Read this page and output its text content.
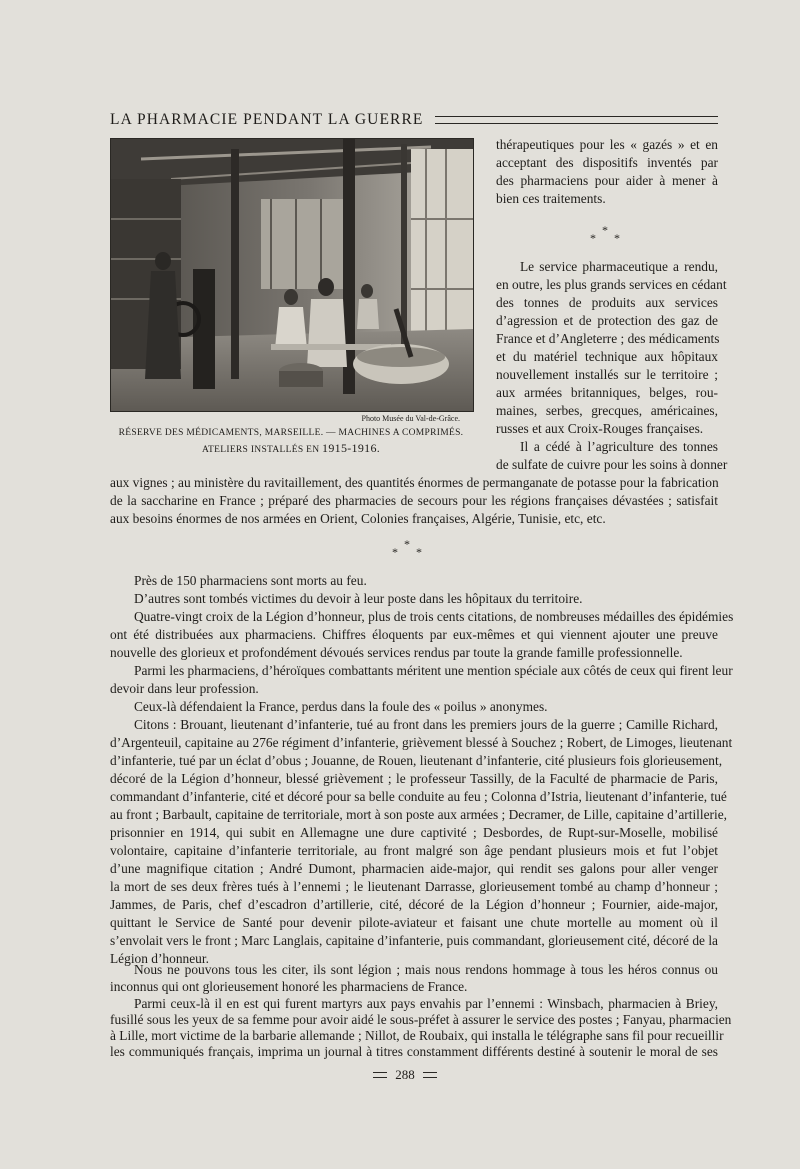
LA PHARMACIE PENDANT LA GUERRE
Photo Musée du Val-de-Grâce.
RÉSERVE DES MÉDICAMENTS, MARSEILLE. — MACHINES A COMPRIMÉS.
ATELIERS INSTALLÉS EN 1915-1916.
thérapeutiques pour les « gazés » et en
acceptant des dispositifs inventés par
des pharmaciens pour aider à mener à
bien ces traitements.
*
* *
Le service pharmaceutique a rendu,
en outre, les plus grands services en cédant
des tonnes de produits aux services
d’agression et de protection des gaz de
France et d’Angleterre ; des médicaments
et du matériel technique aux hôpitaux
nouvellement installés sur le territoire ;
aux armées britanniques, belges, rou-
maines, serbes, grecques, américaines,
russes et aux Croix-Rouges françaises.
Il a cédé à l’agriculture des tonnes
de sulfate de cuivre pour les soins à donner
aux vignes ; au ministère du ravitaillement, des quantités énormes de permanganate de potasse pour la fabrication
de la saccharine en France ; préparé des pharmacies de secours pour les régions françaises dévastées ; satisfait
aux besoins énormes de nos armées en Orient, Colonies françaises, Algérie, Tunisie, etc, etc.
*
* *
Près de 150 pharmaciens sont morts au feu.
D’autres sont tombés victimes du devoir à leur poste dans les hôpitaux du territoire.
Quatre-vingt croix de la Légion d’honneur, plus de trois cents citations, de nombreuses médailles des épidémies
ont été distribuées aux pharmaciens. Chiffres éloquents par eux-mêmes et qui viennent ajouter une preuve
nouvelle des glorieux et profondément dévoués services rendus par toute la grande famille professionnelle.
Parmi les pharmaciens, d’héroïques combattants méritent une mention spéciale aux côtés de ceux qui firent leur
devoir dans leur profession.
Ceux-là défendaient la France, perdus dans la foule des « poilus » anonymes.
Citons : Brouant, lieutenant d’infanterie, tué au front dans les premiers jours de la guerre ; Camille Richard,
d’Argenteuil, capitaine au 276e régiment d’infanterie, grièvement blessé à Souchez ; Robert, de Limoges, lieutenant
d’infanterie, tué par un éclat d’obus ; Jouanne, de Rouen, lieutenant d’infanterie, cité plusieurs fois glorieusement,
décoré de la Légion d’honneur, blessé grièvement ; le professeur Tassilly, de la Faculté de pharmacie de Paris,
commandant d’infanterie, cité et décoré pour sa belle conduite au feu ; Colonna d’Istria, lieutenant d’infanterie, tué
au front ; Barbault, capitaine de territoriale, mort à son poste aux armées ; Decramer, de Lille, capitaine d’artillerie,
prisonnier en 1914, qui subit en Allemagne une dure captivité ; Desbordes, de Rupt-sur-Moselle, mobilisé
volontaire, capitaine d’infanterie territoriale, au front malgré son âge pendant plusieurs mois et fut l’objet
d’une magnifique citation ; André Dumont, pharmacien aide-major, qui rendit ses galons pour aller venger
la mort de ses deux frères tués à l’ennemi ; le lieutenant Darrasse, glorieusement tombé au champ d’honneur ;
Jammes, de Paris, chef d’escadron d’artillerie, cité, décoré de la Légion d’honneur ; Fournier, aide-major,
quittant le Service de Santé pour devenir pilote-aviateur et faisant une chute mortelle au moment où il
s’envolait vers le front ; Marc Langlais, capitaine d’infanterie, puis commandant, glorieusement cité, décoré de la
Légion d’honneur.
Nous ne pouvons tous les citer, ils sont légion ; mais nous rendons hommage à tous les héros connus ou
inconnus qui ont glorieusement honoré les pharmaciens de France.
Parmi ceux-là il en est qui furent martyrs aux pays envahis par l’ennemi : Winsbach, pharmacien à Briey,
fusillé sous les yeux de sa femme pour avoir aidé le sous-préfet à assurer le service des postes ; Fanyau, pharmacien
à Lille, mort victime de la barbarie allemande ; Nillot, de Roubaix, qui installa le télégraphe sans fil pour recueillir
les communiqués français, imprima un journal à titres constamment différents destiné à soutenir le moral de ses
288
